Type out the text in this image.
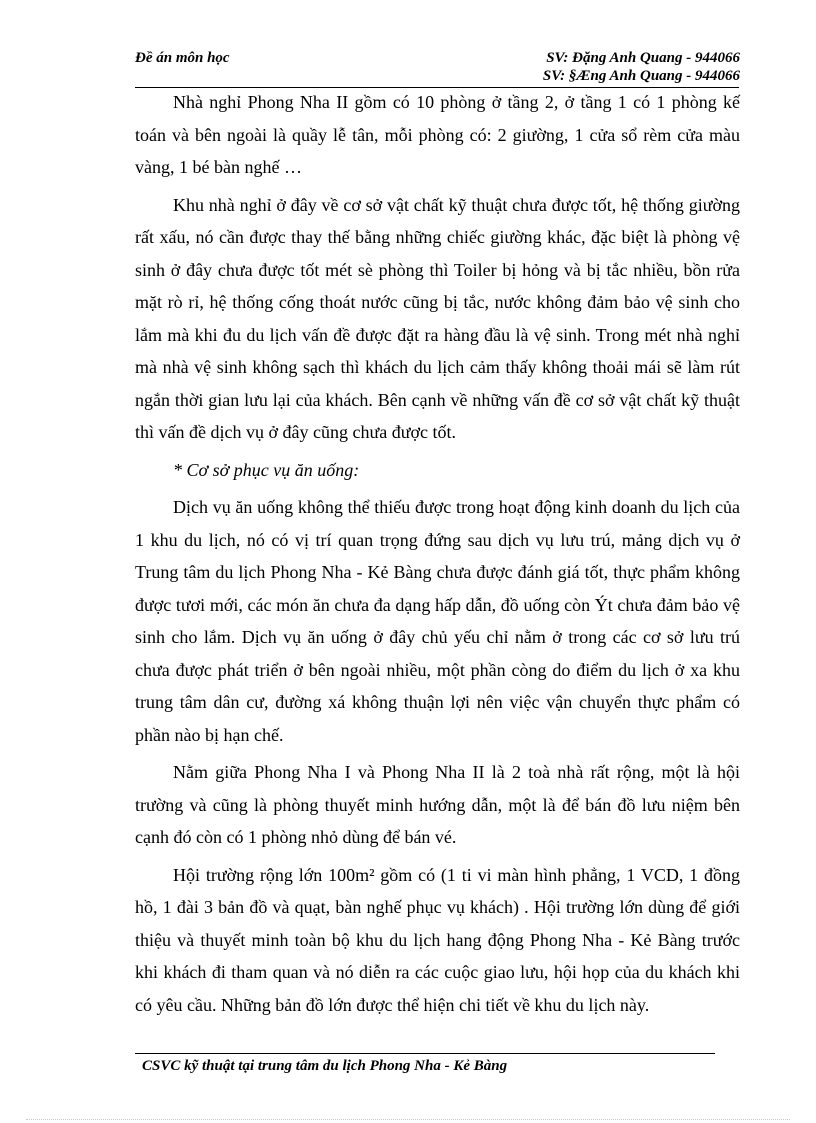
Đề án môn học	SV: Đặng Anh Quang - 944066
SV: §Æng Anh Quang - 944066

Nhà nghỉ Phong Nha II gồm có 10 phòng ở tầng 2, ở tầng 1 có 1 phòng kế toán và bên ngoài là quầy lễ tân, mỗi phòng có: 2 giường, 1 cửa sổ rèm cửa màu vàng, 1 bé bàn nghế …

Khu nhà nghỉ ở đây về cơ sở vật chất kỹ thuật chưa được tốt, hệ thống giường rất xấu, nó cần được thay thế bằng những chiếc giường khác, đặc biệt là phòng vệ sinh ở đây chưa được tốt mét sè phòng thì Toiler bị hỏng và bị tắc nhiều, bồn rửa mặt rò rỉ, hệ thống cống thoát nước cũng bị tắc, nước không đảm bảo vệ sinh cho lắm mà khi đu du lịch vấn đề được đặt ra hàng đầu là vệ sinh. Trong mét nhà nghỉ mà nhà vệ sinh không sạch thì khách du lịch cảm thấy không thoải mái sẽ làm rút ngắn thời gian lưu lại của khách. Bên cạnh về những vấn đề cơ sở vật chất kỹ thuật thì vấn đề dịch vụ ở đây cũng chưa được tốt.

* Cơ sở phục vụ ăn uống:

Dịch vụ ăn uống không thể thiếu được trong hoạt động kinh doanh du lịch của 1 khu du lịch, nó có vị trí quan trọng đứng sau dịch vụ lưu trú, mảng dịch vụ ở Trung tâm du lịch Phong Nha - Kẻ Bàng chưa được đánh giá tốt, thực phẩm không được tươi mới, các món ăn chưa đa dạng hấp dẫn, đồ uống còn Ýt chưa đảm bảo vệ sinh cho lắm. Dịch vụ ăn uống ở đây chủ yếu chỉ nằm ở trong các cơ sở lưu trú chưa được phát triển ở bên ngoài nhiều, một phần còng do điểm du lịch ở xa khu trung tâm dân cư, đường xá không thuận lợi nên việc vận chuyển thực phẩm có phần nào bị hạn chế.

Nằm giữa Phong Nha I và Phong Nha II là 2 toà nhà rất rộng, một là hội trường và cũng là phòng thuyết minh hướng dẫn, một là để bán đồ lưu niệm bên cạnh đó còn có 1 phòng nhỏ dùng để bán vé.

Hội trường rộng lớn 100m² gồm có (1 ti vi màn hình phẳng, 1 VCD, 1 đồng hồ, 1 đài 3 bản đồ và quạt, bàn nghế phục vụ khách) . Hội trường lớn dùng để giới thiệu và thuyết minh toàn bộ khu du lịch hang động Phong Nha - Kẻ Bàng trước khi khách đi tham quan và nó diễn ra các cuộc giao lưu, hội họp của du khách khi có yêu cầu. Những bản đồ lớn được thể hiện chi tiết về khu du lịch này.

CSVC kỹ thuật tại trung tâm du lịch Phong Nha - Kẻ Bàng
